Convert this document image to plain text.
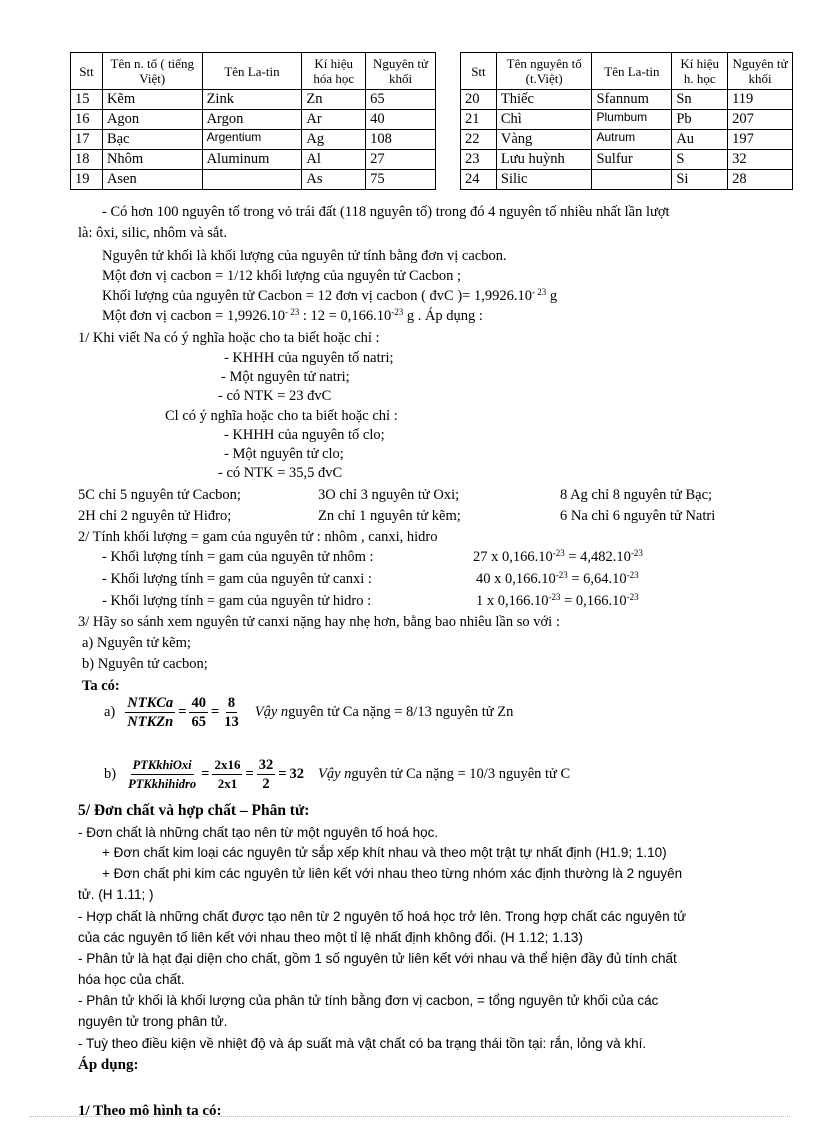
Stt	Tên n. tố ( tiếng Việt)	Tên La-tin	Kí hiệu hóa học	Nguyên tử khối
15	Kẽm	Zink	Zn	65
16	Agon	Argon	Ar	40
17	Bạc	Argentium	Ag	108
18	Nhôm	Aluminum	Al	27
19	Asen		As	75
Stt	Tên nguyên tố (t.Việt)	Tên La-tin	Kí hiệu h. học	Nguyên tử khối
20	Thiếc	Sfannum	Sn	119
21	Chì	Plumbum	Pb	207
22	Vàng	Autrum	Au	197
23	Lưu huỳnh	Sulfur	S	32
24	Silic		Si	28
- Có hơn 100 nguyên tố trong vỏ trái đất (118 nguyên tố) trong đó 4 nguyên tố nhiều nhất lần lượt
là: ôxi, silic, nhôm và sắt.
Nguyên tử khối là khối lượng của nguyên tử tính bằng đơn vị cacbon.
Một đơn vị cacbon = 1/12 khối lượng của nguyên tử Cacbon ;
Khối lượng của nguyên tử Cacbon = 12 đơn vị cacbon ( đvC )= $1,9926.10^{- 23}$ g
Một đơn vị cacbon = $1,9926.10^{- 23}$ : $12 = 0,166.10^{-23}$ g . Áp dụng :
1/ Khi viết Na có ý nghĩa hoặc cho ta biết hoặc chỉ :
- KHHH của nguyên tố natri;
- Một nguyên tử natri;
- có NTK = 23 đvC
Cl có ý nghĩa hoặc cho ta biết hoặc chỉ :
- KHHH của nguyên tố clo;
- Một nguyên tử clo;
- có NTK = 35,5 đvC
5C chỉ 5 nguyên tử Cacbon;	3O chỉ 3 nguyên tử Oxi;	8 Ag chỉ 8 nguyên tử Bạc;
2H chỉ 2 nguyên tử Hiđro;	Zn chỉ 1 nguyên tử kẽm;	6 Na chỉ 6 nguyên tử Natri
2/ Tính khối lượng = gam của nguyên tử : nhôm , canxi, hidro
- Khối lượng tính = gam của nguyên tử nhôm :	27 x $0,166.10^{-23} = 4,482.10^{-23}$
- Khối lượng tính = gam của nguyên tử canxi :	40 x $0,166.10^{-23} = 6,64.10^{-23}$
- Khối lượng tính = gam của nguyên tử hidro :	1 x $0,166.10^{-23} = 0,166.10^{-23}$
3/ Hãy so sánh xem nguyên tử canxi nặng hay nhẹ hơn, bằng bao nhiêu lần so với :
a) Nguyên tử kẽm;
b) Nguyên tử cacbon;
Ta có:
$a) \frac{\text{NTKCa}}{\text{NTKZn}} = \frac{40}{65} = \frac{8}{13}$ Vậy nguyên tử Ca nặng = 8/13 nguyên tử Zn
$b) \frac{\text{PTKkhiOxi}}{\text{PTKkhihidro}} = \frac{2x16}{2x1} = \frac{32}{2} = 32$ Vậy nguyên tử Ca nặng = 10/3 nguyên tử C
5/ Đơn chất và hợp chất – Phân tử:
- Đơn chất là những chất tạo nên từ một nguyên tố hoá học.
+ Đơn chất kim loại các nguyên tử sắp xếp khít nhau và theo một trật tự nhất định (H1.9; 1.10)
+ Đơn chất phi kim các nguyên tử liên kết với nhau theo từng nhóm xác định thường là 2 nguyên
tử. (H 1.11; )
- Hợp chất là những chất được tạo nên từ 2 nguyên tố hoá học trở lên. Trong hợp chất các nguyên tử
của các nguyên tố liên kết với nhau theo một tỉ lệ nhất định không đổi. (H 1.12; 1.13)
- Phân tử là hạt đại diện cho chất, gồm 1 số nguyên tử liên kết với nhau và thể hiện đầy đủ tính chất
hóa học của chất.
- Phân tử khối là khối lượng của phân tử tính bằng đơn vị cacbon, = tổng nguyên tử khối của các
nguyên tử trong phân tử.
- Tuỳ theo điều kiện về nhiệt độ và áp suất mà vật chất có ba trạng thái tồn tại: rắn, lỏng và khí.
Áp dụng:
1/ Theo mô hình ta có:
